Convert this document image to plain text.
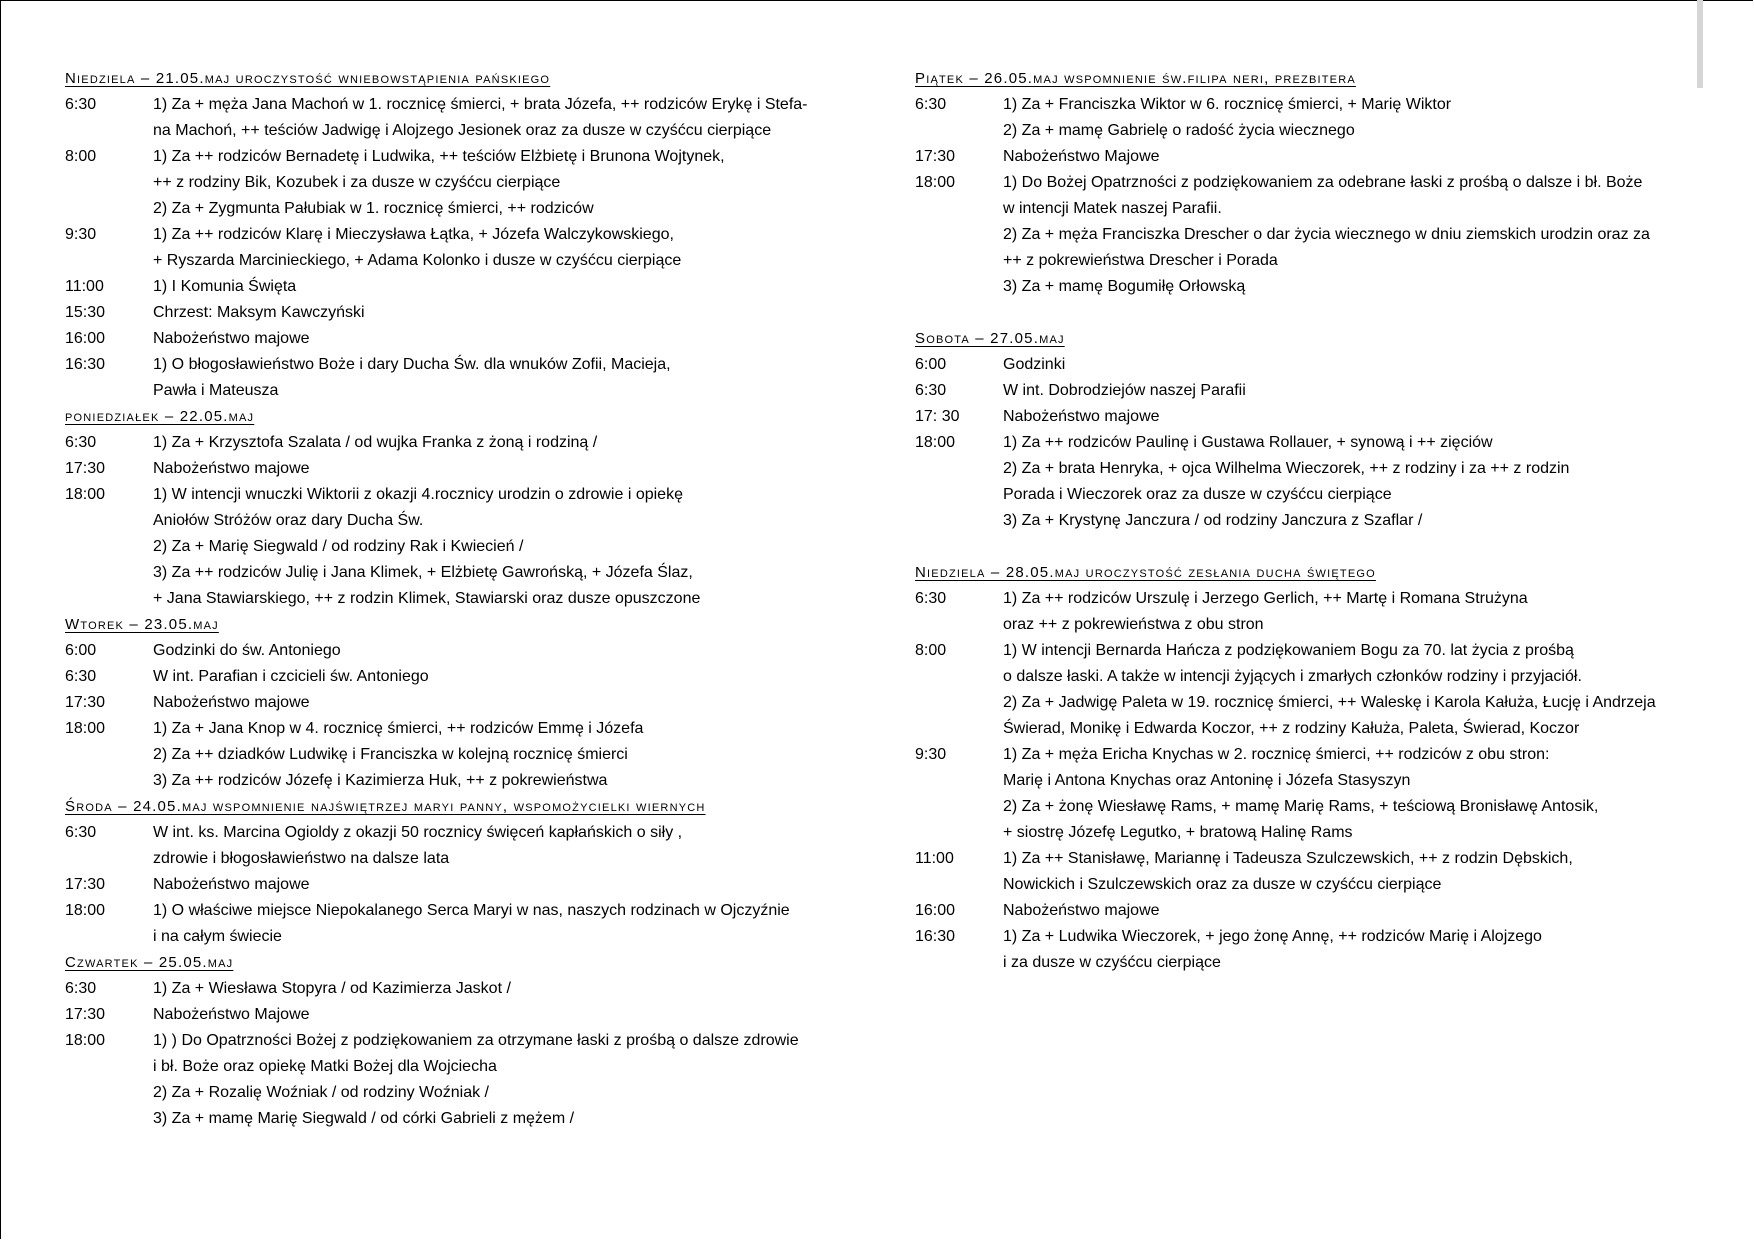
Niedziela – 21.05.maj uroczystość wniebowstąpienia pańskiego
6:30	1) Za + męża Jana Machoń w 1. rocznicę śmierci, + brata Józefa, ++ rodziców Erykę i Stefa-
na Machoń, ++ teściów Jadwigę i Alojzego Jesionek oraz za dusze w czyśćcu cierpiące
8:00	1) Za ++ rodziców Bernadetę i Ludwika, ++ teściów Elżbietę i Brunona Wojtynek,
++ z rodziny Bik, Kozubek i za dusze w czyśćcu cierpiące
2) Za + Zygmunta Pałubiak w 1. rocznicę śmierci, ++ rodziców
9:30	1) Za ++ rodziców Klarę i Mieczysława Łątka, + Józefa Walczykowskiego,
+ Ryszarda Marcinieckiego, + Adama Kolonko i dusze w czyśćcu cierpiące
11:00	1) I Komunia Święta
15:30	Chrzest: Maksym Kawczyński
16:00	Nabożeństwo majowe
16:30	1) O błogosławieństwo Boże i dary Ducha Św. dla wnuków Zofii, Macieja,
Pawła i Mateusza
poniedziałek – 22.05.maj
6:30	1) Za + Krzysztofa Szalata / od wujka Franka z żoną i rodziną /
17:30	Nabożeństwo majowe
18:00	1) W intencji wnuczki Wiktorii z okazji 4.rocznicy urodzin o zdrowie i opiekę
Aniołów Stróżów oraz dary Ducha Św.
2) Za + Marię Siegwald / od rodziny Rak i Kwiecień /
3) Za ++ rodziców Julię i Jana Klimek, + Elżbietę Gawrońską, + Józefa Ślaz,
+ Jana Stawiarskiego, ++ z rodzin Klimek, Stawiarski oraz dusze opuszczone
Wtorek – 23.05.maj
6:00	Godzinki do św. Antoniego
6:30	W int. Parafian i czcicieli św. Antoniego
17:30	Nabożeństwo majowe
18:00	1) Za + Jana Knop w 4. rocznicę śmierci, ++ rodziców Emmę i Józefa
2) Za ++ dziadków Ludwikę i Franciszka w kolejną rocznicę śmierci
3) Za ++ rodziców Józefę i Kazimierza Huk, ++ z pokrewieństwa
Środa – 24.05.maj wspomnienie najświętrzej maryi panny, wspomożycielki wiernych
6:30	W int. ks. Marcina Ogioldy z okazji 50 rocznicy święceń kapłańskich o siły ,
zdrowie i błogosławieństwo na dalsze lata
17:30	Nabożeństwo majowe
18:00	1) O właściwe miejsce Niepokalanego Serca Maryi w nas, naszych rodzinach w Ojczyźnie
i na całym świecie
Czwartek – 25.05.maj
6:30	1) Za + Wiesława Stopyra / od Kazimierza Jaskot /
17:30	Nabożeństwo Majowe
18:00	1) ) Do Opatrzności Bożej z podziękowaniem za otrzymane łaski z prośbą o dalsze zdrowie
i bł. Boże oraz opiekę Matki Bożej dla Wojciecha
2) Za + Rozalię Woźniak / od rodziny Woźniak /
3) Za + mamę Marię Siegwald / od córki Gabrieli z mężem /
Piątek – 26.05.maj wspomnienie św.filipa neri, prezbitera
6:30	1) Za + Franciszka Wiktor w 6. rocznicę śmierci, + Marię Wiktor
2) Za + mamę Gabrielę o radość życia wiecznego
17:30	Nabożeństwo Majowe
18:00	1) Do Bożej Opatrzności z podziękowaniem za odebrane łaski z prośbą o dalsze i bł. Boże
w intencji Matek naszej Parafii.
2) Za + męża Franciszka Drescher o dar życia wiecznego w dniu ziemskich urodzin oraz za
++ z pokrewieństwa Drescher i Porada
3) Za + mamę Bogumiłę Orłowską
Sobota – 27.05.maj
6:00	Godzinki
6:30	W int. Dobrodziejów naszej Parafii
17: 30	Nabożeństwo majowe
18:00	1) Za ++ rodziców Paulinę i Gustawa Rollauer, + synową i ++ zięciów
2) Za + brata Henryka, + ojca Wilhelma Wieczorek, ++ z rodziny i za ++ z rodzin
Porada i Wieczorek oraz za dusze w czyśćcu cierpiące
3) Za + Krystynę Janczura / od rodziny Janczura z Szaflar /
Niedziela – 28.05.maj uroczystość zesłania ducha świętego
6:30	1) Za ++ rodziców Urszulę i Jerzego Gerlich, ++ Martę i Romana Strużyna
oraz ++ z pokrewieństwa z obu stron
8:00	1) W intencji Bernarda Hańcza z podziękowaniem Bogu za 70. lat życia z prośbą
o dalsze łaski. A także w intencji żyjących i zmarłych członków rodziny i przyjaciół.
2) Za + Jadwigę Paleta w 19. rocznicę śmierci, ++ Waleskę i Karola Kałuża, Łucję i Andrzeja
Świerad, Monikę i Edwarda Koczor, ++ z rodziny Kałuża, Paleta, Świerad, Koczor
9:30	1) Za + męża Ericha Knychas w 2. rocznicę śmierci, ++ rodziców z obu stron:
Marię i Antona Knychas oraz Antoninę i Józefa Stasyszyn
2) Za + żonę Wiesławę Rams, + mamę Marię Rams, + teściową Bronisławę Antosik,
+ siostrę Józefę Legutko, + bratową Halinę Rams
11:00	1) Za ++ Stanisławę, Mariannę i Tadeusza Szulczewskich, ++ z rodzin Dębskich,
Nowickich i Szulczewskich oraz za dusze w czyśćcu cierpiące
16:00	Nabożeństwo majowe
16:30	1) Za + Ludwika Wieczorek, + jego żonę Annę, ++ rodziców Marię i Alojzego
i za dusze w czyśćcu cierpiące
